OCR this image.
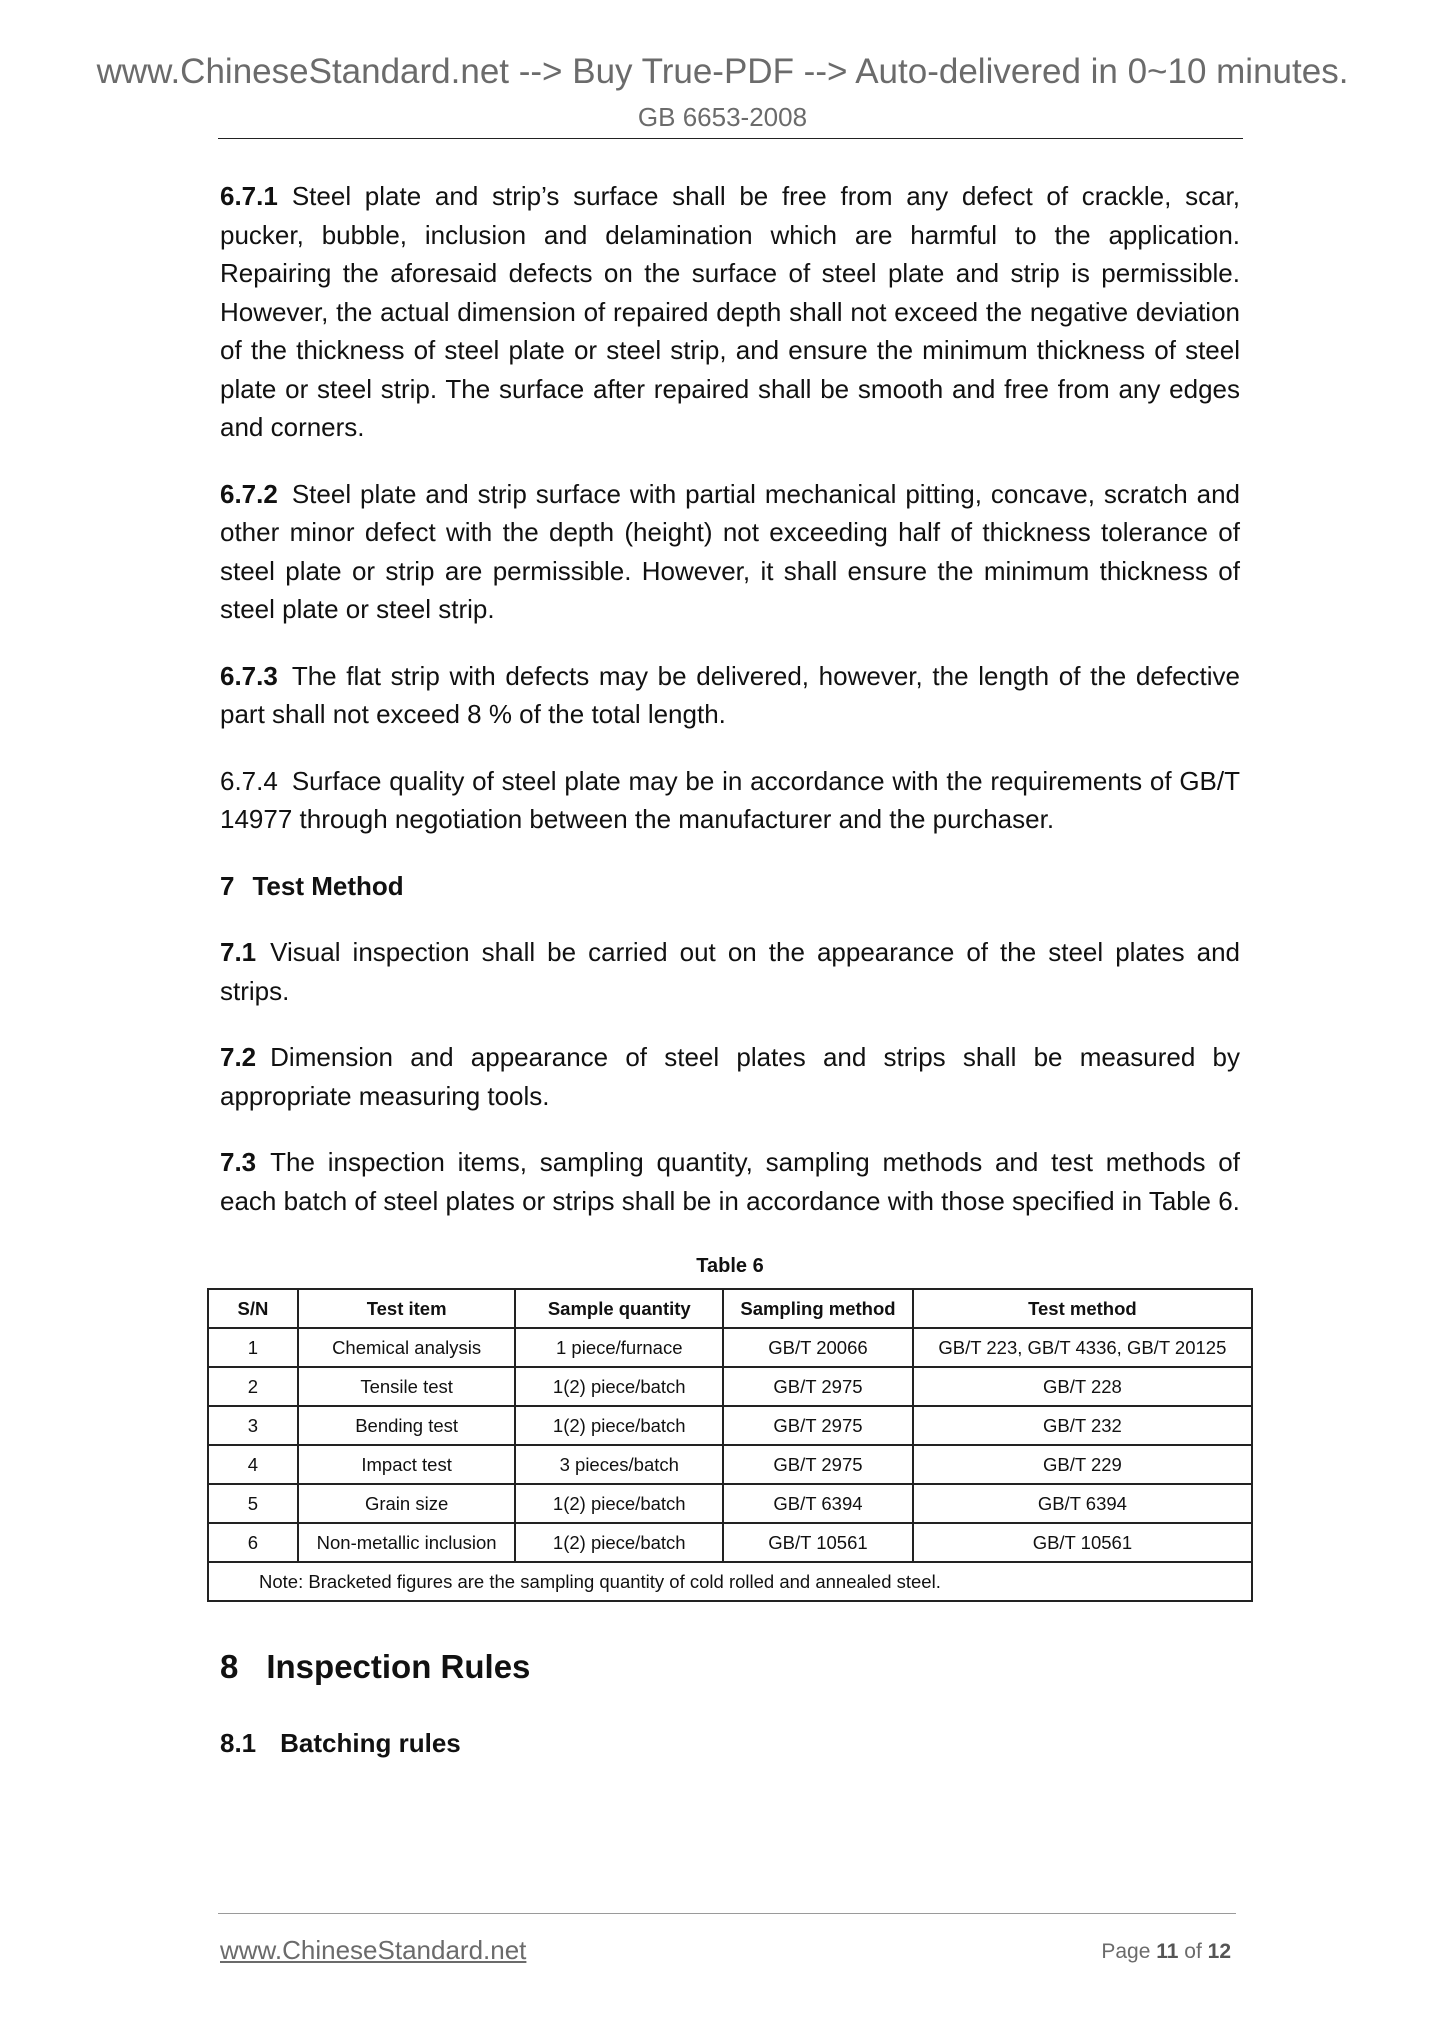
www.ChineseStandard.net --> Buy True-PDF --> Auto-delivered in 0~10 minutes.
GB 6653-2008

6.7.1 Steel plate and strip’s surface shall be free from any defect of crackle, scar, pucker, bubble, inclusion and delamination which are harmful to the application. Repairing the aforesaid defects on the surface of steel plate and strip is permissible. However, the actual dimension of repaired depth shall not exceed the negative deviation of the thickness of steel plate or steel strip, and ensure the minimum thickness of steel plate or steel strip. The surface after repaired shall be smooth and free from any edges and corners.

6.7.2 Steel plate and strip surface with partial mechanical pitting, concave, scratch and other minor defect with the depth (height) not exceeding half of thickness tolerance of steel plate or strip are permissible. However, it shall ensure the minimum thickness of steel plate or steel strip.

6.7.3 The flat strip with defects may be delivered, however, the length of the defective part shall not exceed 8 % of the total length.

6.7.4 Surface quality of steel plate may be in accordance with the requirements of GB/T 14977 through negotiation between the manufacturer and the purchaser.

7 Test Method

7.1 Visual inspection shall be carried out on the appearance of the steel plates and strips.

7.2 Dimension and appearance of steel plates and strips shall be measured by appropriate measuring tools.

7.3 The inspection items, sampling quantity, sampling methods and test methods of each batch of steel plates or strips shall be in accordance with those specified in Table 6.

Table 6

S/N	Test item	Sample quantity	Sampling method	Test method
1	Chemical analysis	1 piece/furnace	GB/T 20066	GB/T 223, GB/T 4336, GB/T 20125
2	Tensile test	1(2) piece/batch	GB/T 2975	GB/T 228
3	Bending test	1(2) piece/batch	GB/T 2975	GB/T 232
4	Impact test	3 pieces/batch	GB/T 2975	GB/T 229
5	Grain size	1(2) piece/batch	GB/T 6394	GB/T 6394
6	Non-metallic inclusion	1(2) piece/batch	GB/T 10561	GB/T 10561
Note: Bracketed figures are the sampling quantity of cold rolled and annealed steel.				

8 Inspection Rules

8.1 Batching rules

www.ChineseStandard.net	Page 11 of 12
